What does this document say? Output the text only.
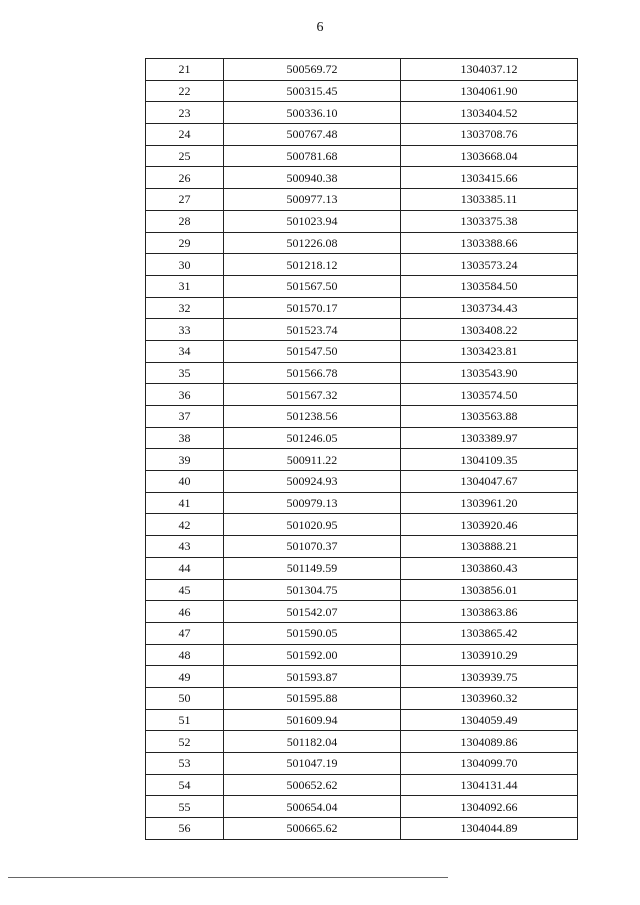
6
21	500569.72	1304037.12
22	500315.45	1304061.90
23	500336.10	1303404.52
24	500767.48	1303708.76
25	500781.68	1303668.04
26	500940.38	1303415.66
27	500977.13	1303385.11
28	501023.94	1303375.38
29	501226.08	1303388.66
30	501218.12	1303573.24
31	501567.50	1303584.50
32	501570.17	1303734.43
33	501523.74	1303408.22
34	501547.50	1303423.81
35	501566.78	1303543.90
36	501567.32	1303574.50
37	501238.56	1303563.88
38	501246.05	1303389.97
39	500911.22	1304109.35
40	500924.93	1304047.67
41	500979.13	1303961.20
42	501020.95	1303920.46
43	501070.37	1303888.21
44	501149.59	1303860.43
45	501304.75	1303856.01
46	501542.07	1303863.86
47	501590.05	1303865.42
48	501592.00	1303910.29
49	501593.87	1303939.75
50	501595.88	1303960.32
51	501609.94	1304059.49
52	501182.04	1304089.86
53	501047.19	1304099.70
54	500652.62	1304131.44
55	500654.04	1304092.66
56	500665.62	1304044.89
